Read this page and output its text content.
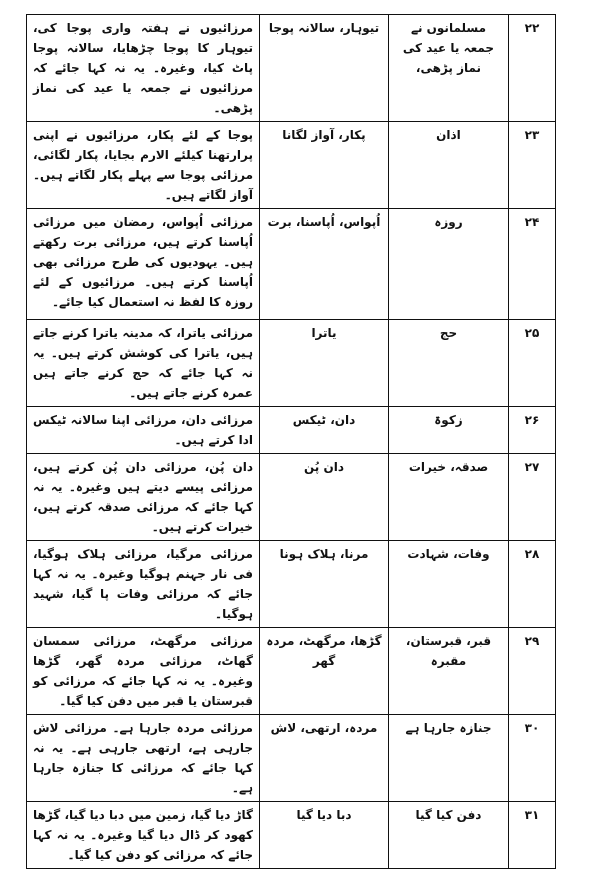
۲۲	مسلمانوں نے جمعہ یا عید کی نماز پڑھی،	تیوہار، سالانہ پوجا	مرزائیوں نے ہفتہ واری پوجا کی، تیوہار کا پوجا چڑھایا، سالانہ پوجا پاٹ کیا، وغیرہ۔ یہ نہ کہا جائے کہ مرزائیوں نے جمعہ یا عید کی نماز پڑھی۔
۲۳	اذان	پکار، آواز لگانا	پوجا کے لئے پکار، مرزائیوں نے اپنی پرارتھنا کیلئے الارم بجایا، پکار لگائی، مرزائی پوجا سے پہلے پکار لگاتے ہیں۔ آواز لگاتے ہیں۔
۲۴	روزہ	اُپواس، اُپاسنا، برت	مرزائی اُپواس، رمضان میں مرزائی اُپاسنا کرتے ہیں، مرزائی برت رکھتے ہیں۔ یہودیوں کی طرح مرزائی بھی اُپاسنا کرتے ہیں۔ مرزائیوں کے لئے روزہ کا لفظ نہ استعمال کیا جائے۔
۲۵	حج	یاترا	مرزائی یاترا، کہ مدینہ یاترا کرنے جاتے ہیں، یاترا کی کوشش کرتے ہیں۔ یہ نہ کہا جائے کہ حج کرنے جاتے ہیں عمرہ کرنے جاتے ہیں۔
۲۶	زکوۃ	دان، ٹیکس	مرزائی دان، مرزائی اپنا سالانہ ٹیکس ادا کرتے ہیں۔
۲۷	صدقہ، خیرات	دان پُن	دان پُن، مرزائی دان پُن کرتے ہیں، مرزائی پیسے دیتے ہیں وغیرہ۔ یہ نہ کہا جائے کہ مرزائی صدقہ کرتے ہیں، خیرات کرتے ہیں۔
۲۸	وفات، شہادت	مرنا، ہلاک ہونا	مرزائی مرگیا، مرزائی ہلاک ہوگیا، فی نار جہنم ہوگیا وغیرہ۔ یہ نہ کہا جائے کہ مرزائی وفات پا گیا، شہید ہوگیا۔
۲۹	قبر، قبرستان، مقبرہ	گڑھا، مرگھٹ، مردہ گھر	مرزائی مرگھٹ، مرزائی سمسان گھاٹ، مرزائی مردہ گھر، گڑھا وغیرہ۔ یہ نہ کہا جائے کہ مرزائی کو قبرستان یا قبر میں دفن کیا گیا۔
۳۰	جنازہ جارہا ہے	مردہ، ارتھی، لاش	مرزائی مردہ جارہا ہے۔ مرزائی لاش جارہی ہے، ارتھی جارہی ہے۔ یہ نہ کہا جائے کہ مرزائی کا جنازہ جارہا ہے۔
۳۱	دفن کیا گیا	دبا دیا گیا	گاڑ دیا گیا، زمین میں دبا دیا گیا، گڑھا کھود کر ڈال دیا گیا وغیرہ۔ یہ نہ کہا جائے کہ مرزائی کو دفن کیا گیا۔
